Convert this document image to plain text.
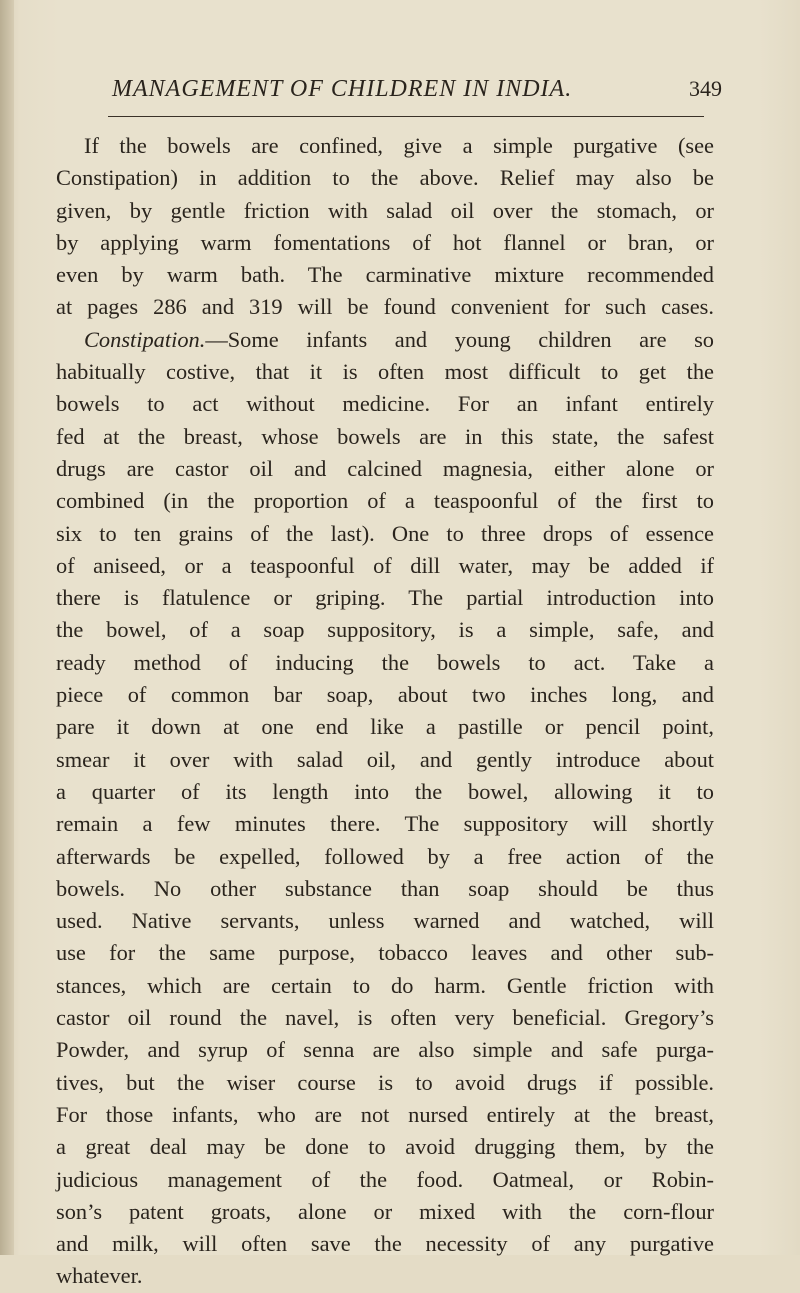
MANAGEMENT OF CHILDREN IN INDIA.	349
If the bowels are confined, give a simple purgative (see
Constipation) in addition to the above. Relief may also be
given, by gentle friction with salad oil over the stomach, or
by applying warm fomentations of hot flannel or bran, or
even by warm bath. The carminative mixture recommended
at pages 286 and 319 will be found convenient for such cases.
Constipation.—Some infants and young children are so
habitually costive, that it is often most difficult to get the
bowels to act without medicine. For an infant entirely
fed at the breast, whose bowels are in this state, the safest
drugs are castor oil and calcined magnesia, either alone or
combined (in the proportion of a teaspoonful of the first to
six to ten grains of the last). One to three drops of essence
of aniseed, or a teaspoonful of dill water, may be added if
there is flatulence or griping. The partial introduction into
the bowel, of a soap suppository, is a simple, safe, and
ready method of inducing the bowels to act. Take a
piece of common bar soap, about two inches long, and
pare it down at one end like a pastille or pencil point,
smear it over with salad oil, and gently introduce about
a quarter of its length into the bowel, allowing it to
remain a few minutes there. The suppository will shortly
afterwards be expelled, followed by a free action of the
bowels. No other substance than soap should be thus
used. Native servants, unless warned and watched, will
use for the same purpose, tobacco leaves and other sub-
stances, which are certain to do harm. Gentle friction with
castor oil round the navel, is often very beneficial. Gregory’s
Powder, and syrup of senna are also simple and safe purga-
tives, but the wiser course is to avoid drugs if possible.
For those infants, who are not nursed entirely at the breast,
a great deal may be done to avoid drugging them, by the
judicious management of the food. Oatmeal, or Robin-
son’s patent groats, alone or mixed with the corn-flour
and milk, will often save the necessity of any purgative
whatever.
